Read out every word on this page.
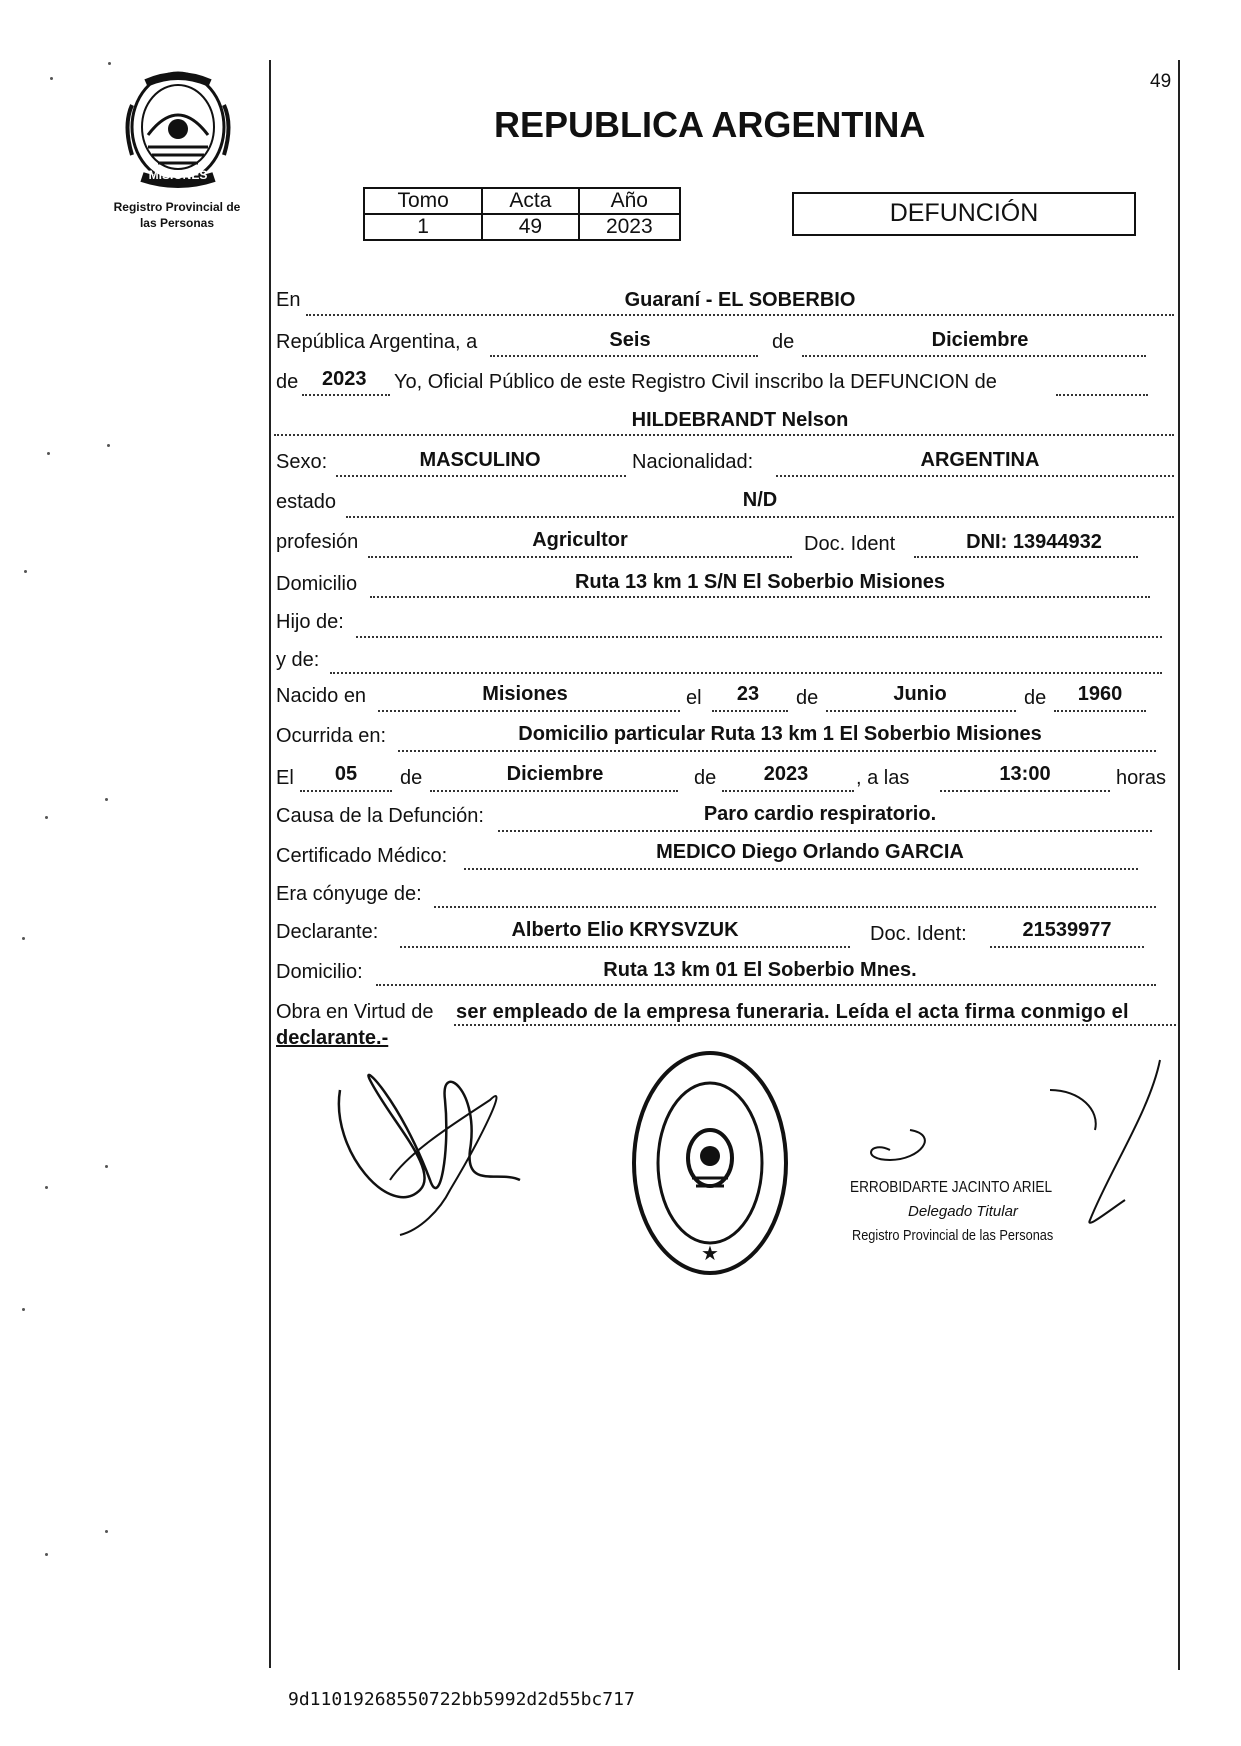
49
PROVINCIA DE
MISIONES
Registro Provincial de
las Personas
REPUBLICA ARGENTINA
Tomo	Acta	Año
1	49	2023	DEFUNCIÓN
En	Guaraní - EL SOBERBIO
República Argentina, a	Seis	de	Diciembre
de 2023 Yo, Oficial Público de este Registro Civil inscribo la DEFUNCION de
HILDEBRANDT Nelson
Sexo:	MASCULINO	Nacionalidad:	ARGENTINA
estado	N/D
profesión	Agricultor	Doc. Ident	DNI: 13944932
Domicilio	Ruta 13 km 1 S/N El Soberbio Misiones
Hijo de:
y de:
Nacido en	Misiones	el	23	de	Junio	de	1960
Ocurrida en:	Domicilio particular Ruta 13 km 1 El Soberbio Misiones
El	05	de	Diciembre	de	2023	, a las	13:00	horas
Causa de la Defunción:	Paro cardio respiratorio.
Certificado Médico:	MEDICO Diego Orlando GARCIA
Era cónyuge de:
Declarante:	Alberto Elio KRYSVZUK	Doc. Ident:	21539977
Domicilio:	Ruta 13 km 01 El Soberbio Mnes.
Obra en Virtud de ser empleado de la empresa funeraria. Leída el acta firma conmigo el
declarante.-
★
ERROBIDARTE JACINTO ARIEL
Delegado Titular
Registro Provincial de las Personas
9d11019268550722bb5992d2d55bc717
